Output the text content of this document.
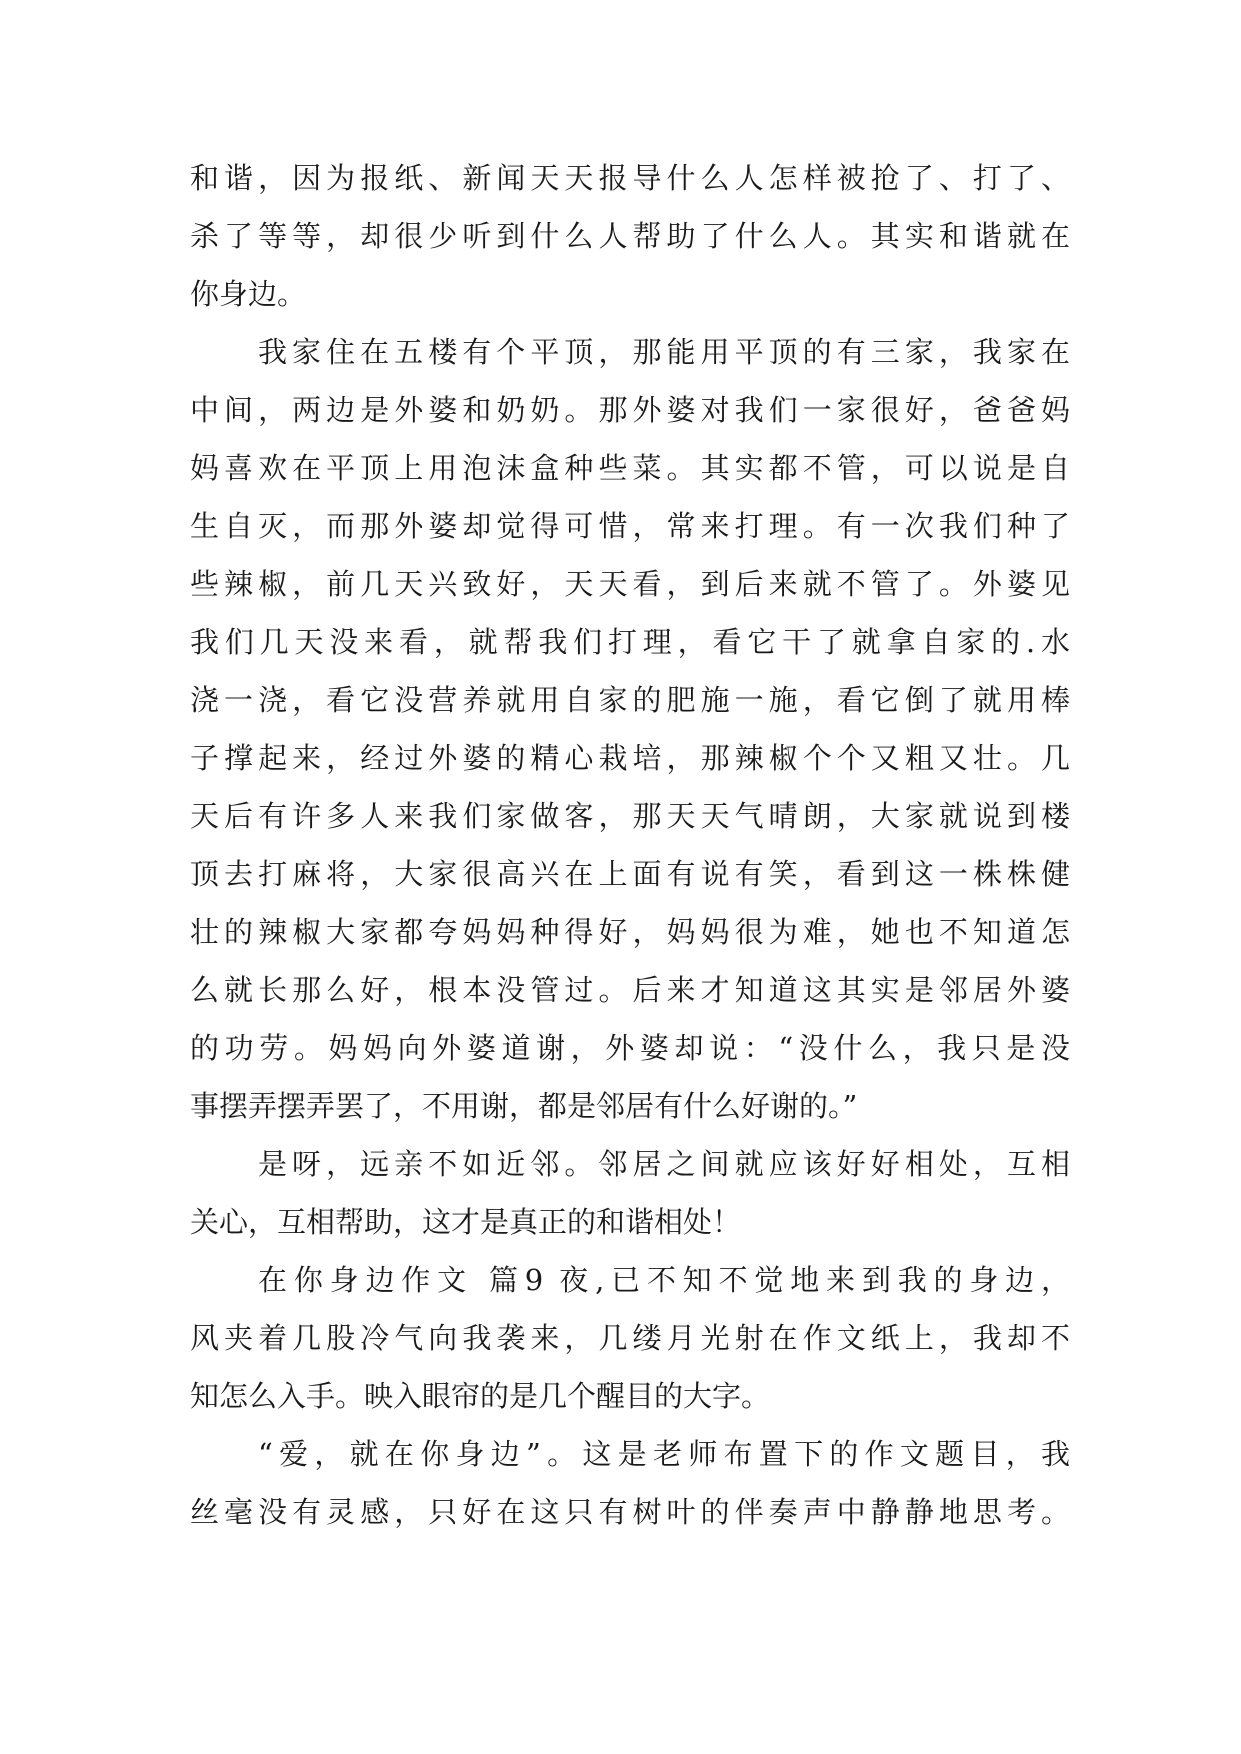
和谐，因为报纸、新闻天天报导什么人怎样被抢了、打了、
杀了等等，却很少听到什么人帮助了什么人。其实和谐就在
你身边。
我家住在五楼有个平顶，那能用平顶的有三家，我家在
中间，两边是外婆和奶奶。那外婆对我们一家很好，爸爸妈
妈喜欢在平顶上用泡沫盒种些菜。其实都不管，可以说是自
生自灭，而那外婆却觉得可惜，常来打理。有一次我们种了
些辣椒，前几天兴致好，天天看，到后来就不管了。外婆见
我们几天没来看，就帮我们打理，看它干了就拿自家的.水
浇一浇，看它没营养就用自家的肥施一施，看它倒了就用棒
子撑起来，经过外婆的精心栽培，那辣椒个个又粗又壮。几
天后有许多人来我们家做客，那天天气晴朗，大家就说到楼
顶去打麻将，大家很高兴在上面有说有笑，看到这一株株健
壮的辣椒大家都夸妈妈种得好，妈妈很为难，她也不知道怎
么就长那么好，根本没管过。后来才知道这其实是邻居外婆
的功劳。妈妈向外婆道谢，外婆却说：“没什么，我只是没
事摆弄摆弄罢了，不用谢，都是邻居有什么好谢的。”
是呀，远亲不如近邻。邻居之间就应该好好相处，互相
关心，互相帮助，这才是真正的和谐相处！
在你身边作文 篇9 夜,已不知不觉地来到我的身边，
风夹着几股冷气向我袭来，几缕月光射在作文纸上，我却不
知怎么入手。映入眼帘的是几个醒目的大字。
“爱，就在你身边”。这是老师布置下的作文题目，我
丝毫没有灵感，只好在这只有树叶的伴奏声中静静地思考。
